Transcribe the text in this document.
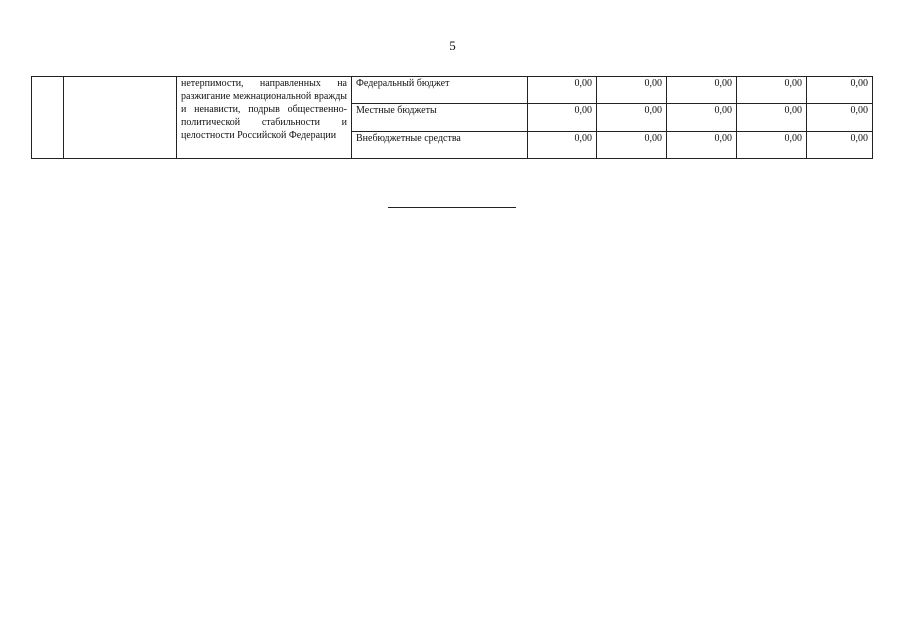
5
		нетерпимости, направленных на разжигание межнациональной вражды и ненависти, подрыв общественно-политической стабильности и целостности Российской Федерации	Федеральный бюджет	0,00	0,00	0,00	0,00	0,00
			Местные бюджеты	0,00	0,00	0,00	0,00	0,00
			Внебюджетные средства	0,00	0,00	0,00	0,00	0,00
